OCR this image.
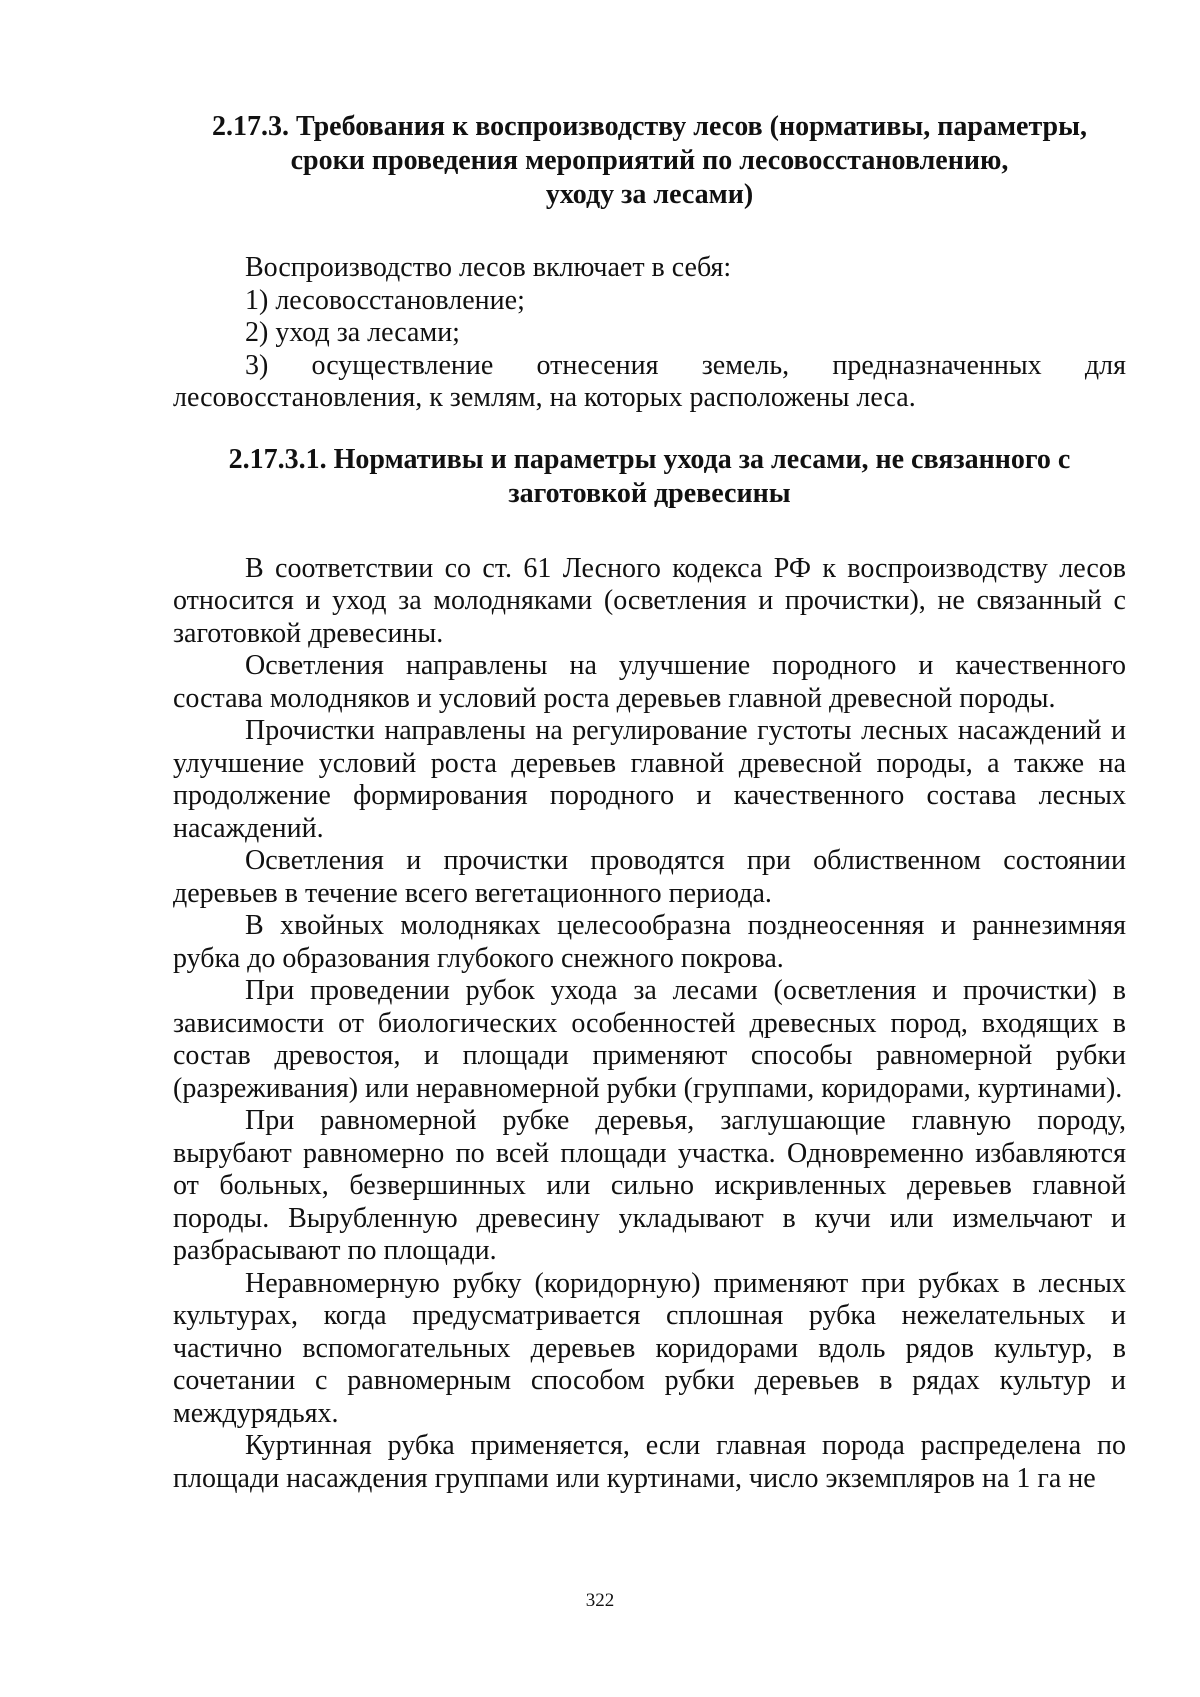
2.17.3. Требования к воспроизводству лесов (нормативы, параметры,
сроки проведения мероприятий по лесовосстановлению,
уходу за лесами)

Воспроизводство лесов включает в себя:

1) лесовосстановление;

2) уход за лесами;

3) осуществление отнесения земель, предназначенных для лесовосстановления, к землям, на которых расположены леса.

2.17.3.1. Нормативы и параметры ухода за лесами, не связанного с
заготовкой древесины

В соответствии со ст. 61 Лесного кодекса РФ к воспроизводству лесов относится и уход за молодняками (осветления и прочистки), не связанный с заготовкой древесины.

Осветления направлены на улучшение породного и качественного состава молодняков и условий роста деревьев главной древесной породы.

Прочистки направлены на регулирование густоты лесных насаждений и улучшение условий роста деревьев главной древесной породы, а также на продолжение формирования породного и качественного состава лесных насаждений.

Осветления и прочистки проводятся при облиственном состоянии деревьев в течение всего вегетационного периода.

В хвойных молодняках целесообразна позднеосенняя и раннезимняя рубка до образования глубокого снежного покрова.

При проведении рубок ухода за лесами (осветления и прочистки) в зависимости от биологических особенностей древесных пород, входящих в состав древостоя, и площади применяют способы равномерной рубки (разреживания) или неравномерной рубки (группами, коридорами, куртинами).

При равномерной рубке деревья, заглушающие главную породу, вырубают равномерно по всей площади участка. Одновременно избавляются от больных, безвершинных или сильно искривленных деревьев главной породы. Вырубленную древесину укладывают в кучи или измельчают и разбрасывают по площади.

Неравномерную рубку (коридорную) применяют при рубках в лесных культурах, когда предусматривается сплошная рубка нежелательных и частично вспомогательных деревьев коридорами вдоль рядов культур, в сочетании с равномерным способом рубки деревьев в рядах культур и междурядьях.

Куртинная рубка применяется, если главная порода распределена по площади насаждения группами или куртинами, число экземпляров на 1 га не

322
